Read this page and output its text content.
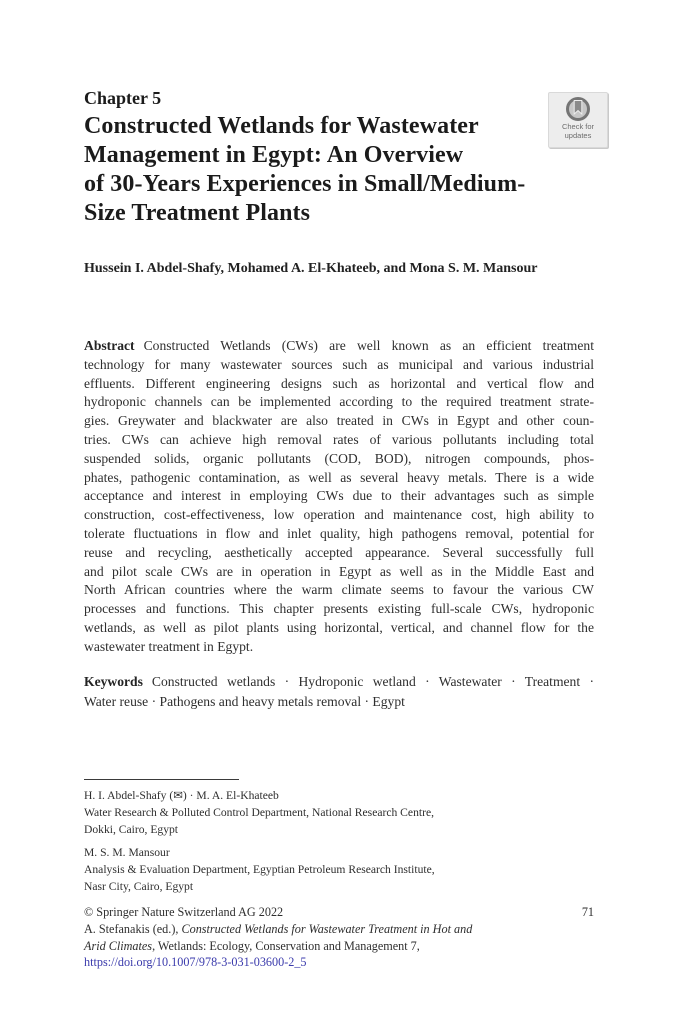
Chapter 5
Constructed Wetlands for Wastewater
Management in Egypt: An Overview
of 30-Years Experiences in Small/Medium-
Size Treatment Plants
Check for
updates
Hussein I. Abdel-Shafy, Mohamed A. El-Khateeb, and Mona S. M. Mansour
Abstract Constructed Wetlands (CWs) are well known as an efficient treatment
technology for many wastewater sources such as municipal and various industrial
effluents. Different engineering designs such as horizontal and vertical flow and
hydroponic channels can be implemented according to the required treatment strate-
gies. Greywater and blackwater are also treated in CWs in Egypt and other coun-
tries. CWs can achieve high removal rates of various pollutants including total
suspended solids, organic pollutants (COD, BOD), nitrogen compounds, phos-
phates, pathogenic contamination, as well as several heavy metals. There is a wide
acceptance and interest in employing CWs due to their advantages such as simple
construction, cost-effectiveness, low operation and maintenance cost, high ability to
tolerate fluctuations in flow and inlet quality, high pathogens removal, potential for
reuse and recycling, aesthetically accepted appearance. Several successfully full
and pilot scale CWs are in operation in Egypt as well as in the Middle East and
North African countries where the warm climate seems to favour the various CW
processes and functions. This chapter presents existing full-scale CWs, hydroponic
wetlands, as well as pilot plants using horizontal, vertical, and channel flow for the
wastewater treatment in Egypt.
Keywords Constructed wetlands · Hydroponic wetland · Wastewater · Treatment ·
Water reuse · Pathogens and heavy metals removal · Egypt
H. I. Abdel-Shafy (✉) · M. A. El-Khateeb
Water Research & Polluted Control Department, National Research Centre,
Dokki, Cairo, Egypt
M. S. M. Mansour
Analysis & Evaluation Department, Egyptian Petroleum Research Institute,
Nasr City, Cairo, Egypt
© Springer Nature Switzerland AG 2022	71
A. Stefanakis (ed.), Constructed Wetlands for Wastewater Treatment in Hot and
Arid Climates, Wetlands: Ecology, Conservation and Management 7,
https://doi.org/10.1007/978-3-031-03600-2_5
